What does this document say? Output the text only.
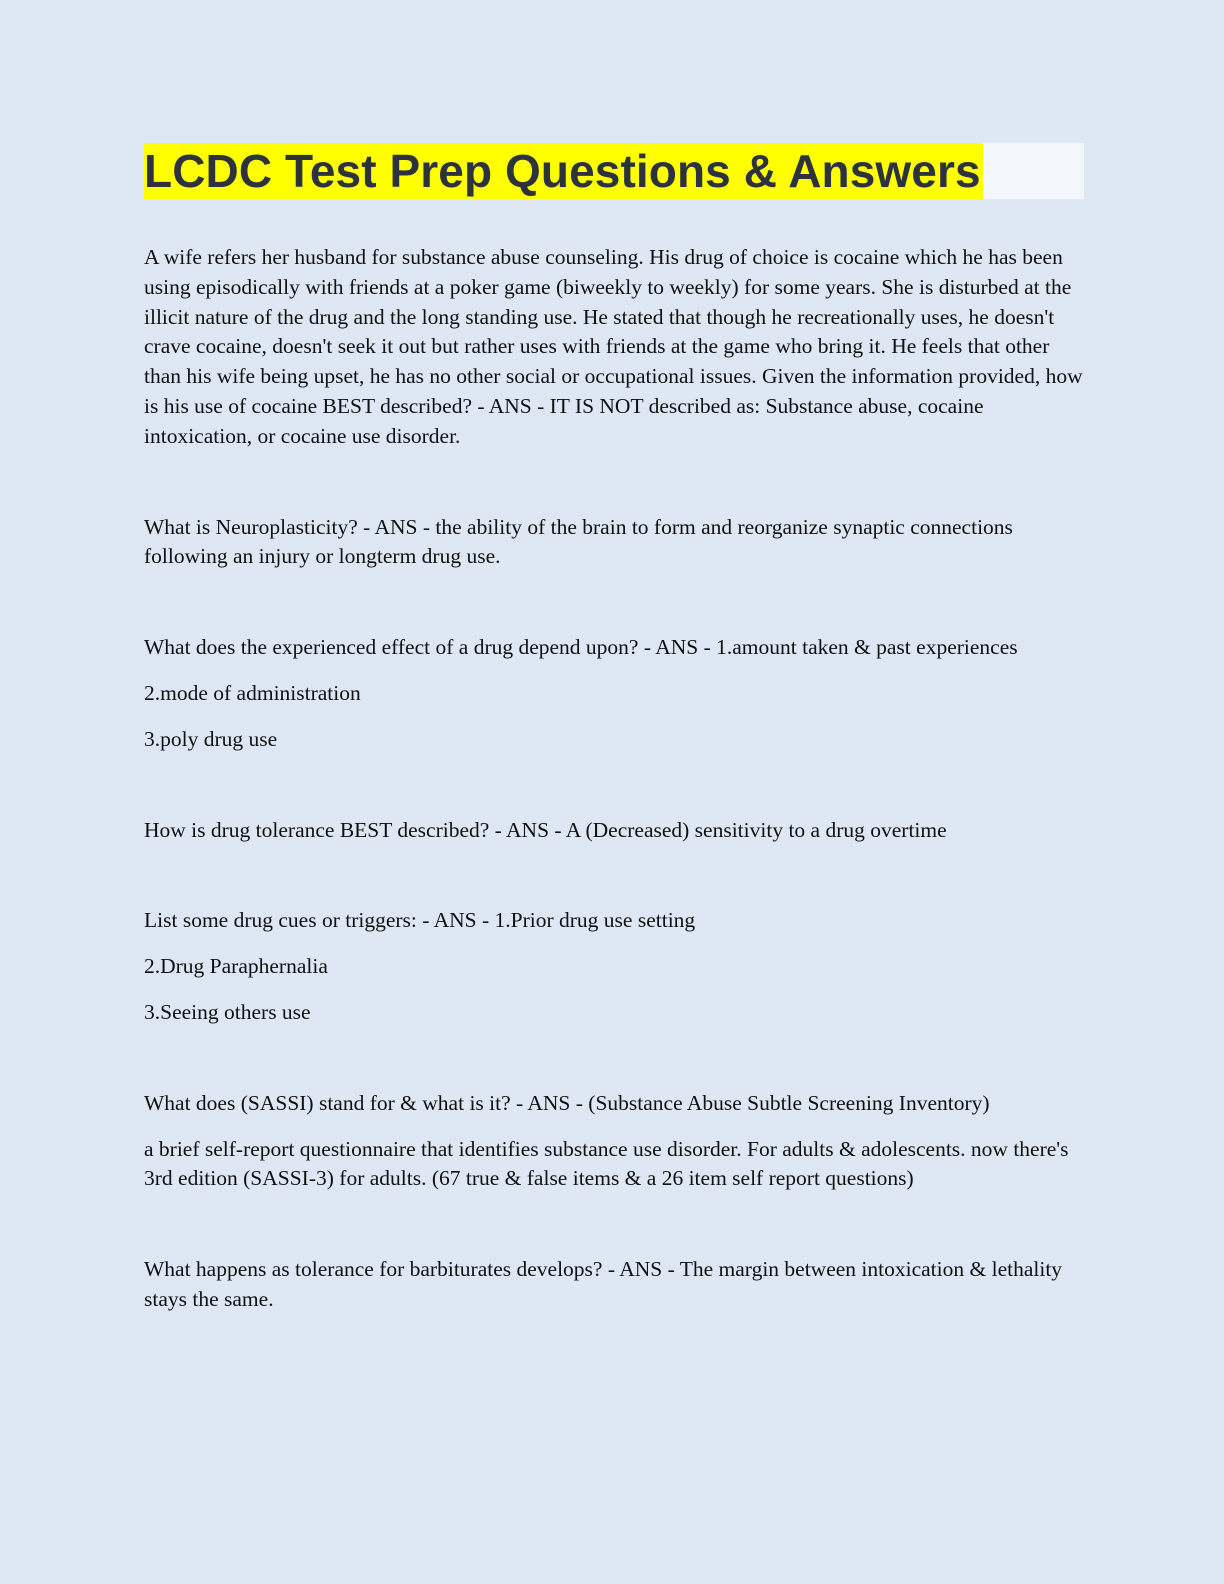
LCDC Test Prep Questions & Answers

A wife refers her husband for substance abuse counseling. His drug of choice is cocaine which he has been using episodically with friends at a poker game (biweekly to weekly) for some years. She is disturbed at the illicit nature of the drug and the long standing use. He stated that though he recreationally uses, he doesn't crave cocaine, doesn't seek it out but rather uses with friends at the game who bring it. He feels that other than his wife being upset, he has no other social or occupational issues. Given the information provided, how is his use of cocaine BEST described? - ANS - IT IS NOT described as: Substance abuse, cocaine intoxication, or cocaine use disorder.

What is Neuroplasticity? - ANS - the ability of the brain to form and reorganize synaptic connections following an injury or longterm drug use.

What does the experienced effect of a drug depend upon? - ANS - 1.amount taken & past experiences

2.mode of administration

3.poly drug use

How is drug tolerance BEST described? - ANS - A (Decreased) sensitivity to a drug overtime

List some drug cues or triggers: - ANS - 1.Prior drug use setting

2.Drug Paraphernalia

3.Seeing others use

What does (SASSI) stand for & what is it? - ANS - (Substance Abuse Subtle Screening Inventory)

a brief self-report questionnaire that identifies substance use disorder. For adults & adolescents. now there's 3rd edition (SASSI-3) for adults. (67 true & false items & a 26 item self report questions)

What happens as tolerance for barbiturates develops? - ANS - The margin between intoxication & lethality stays the same.
